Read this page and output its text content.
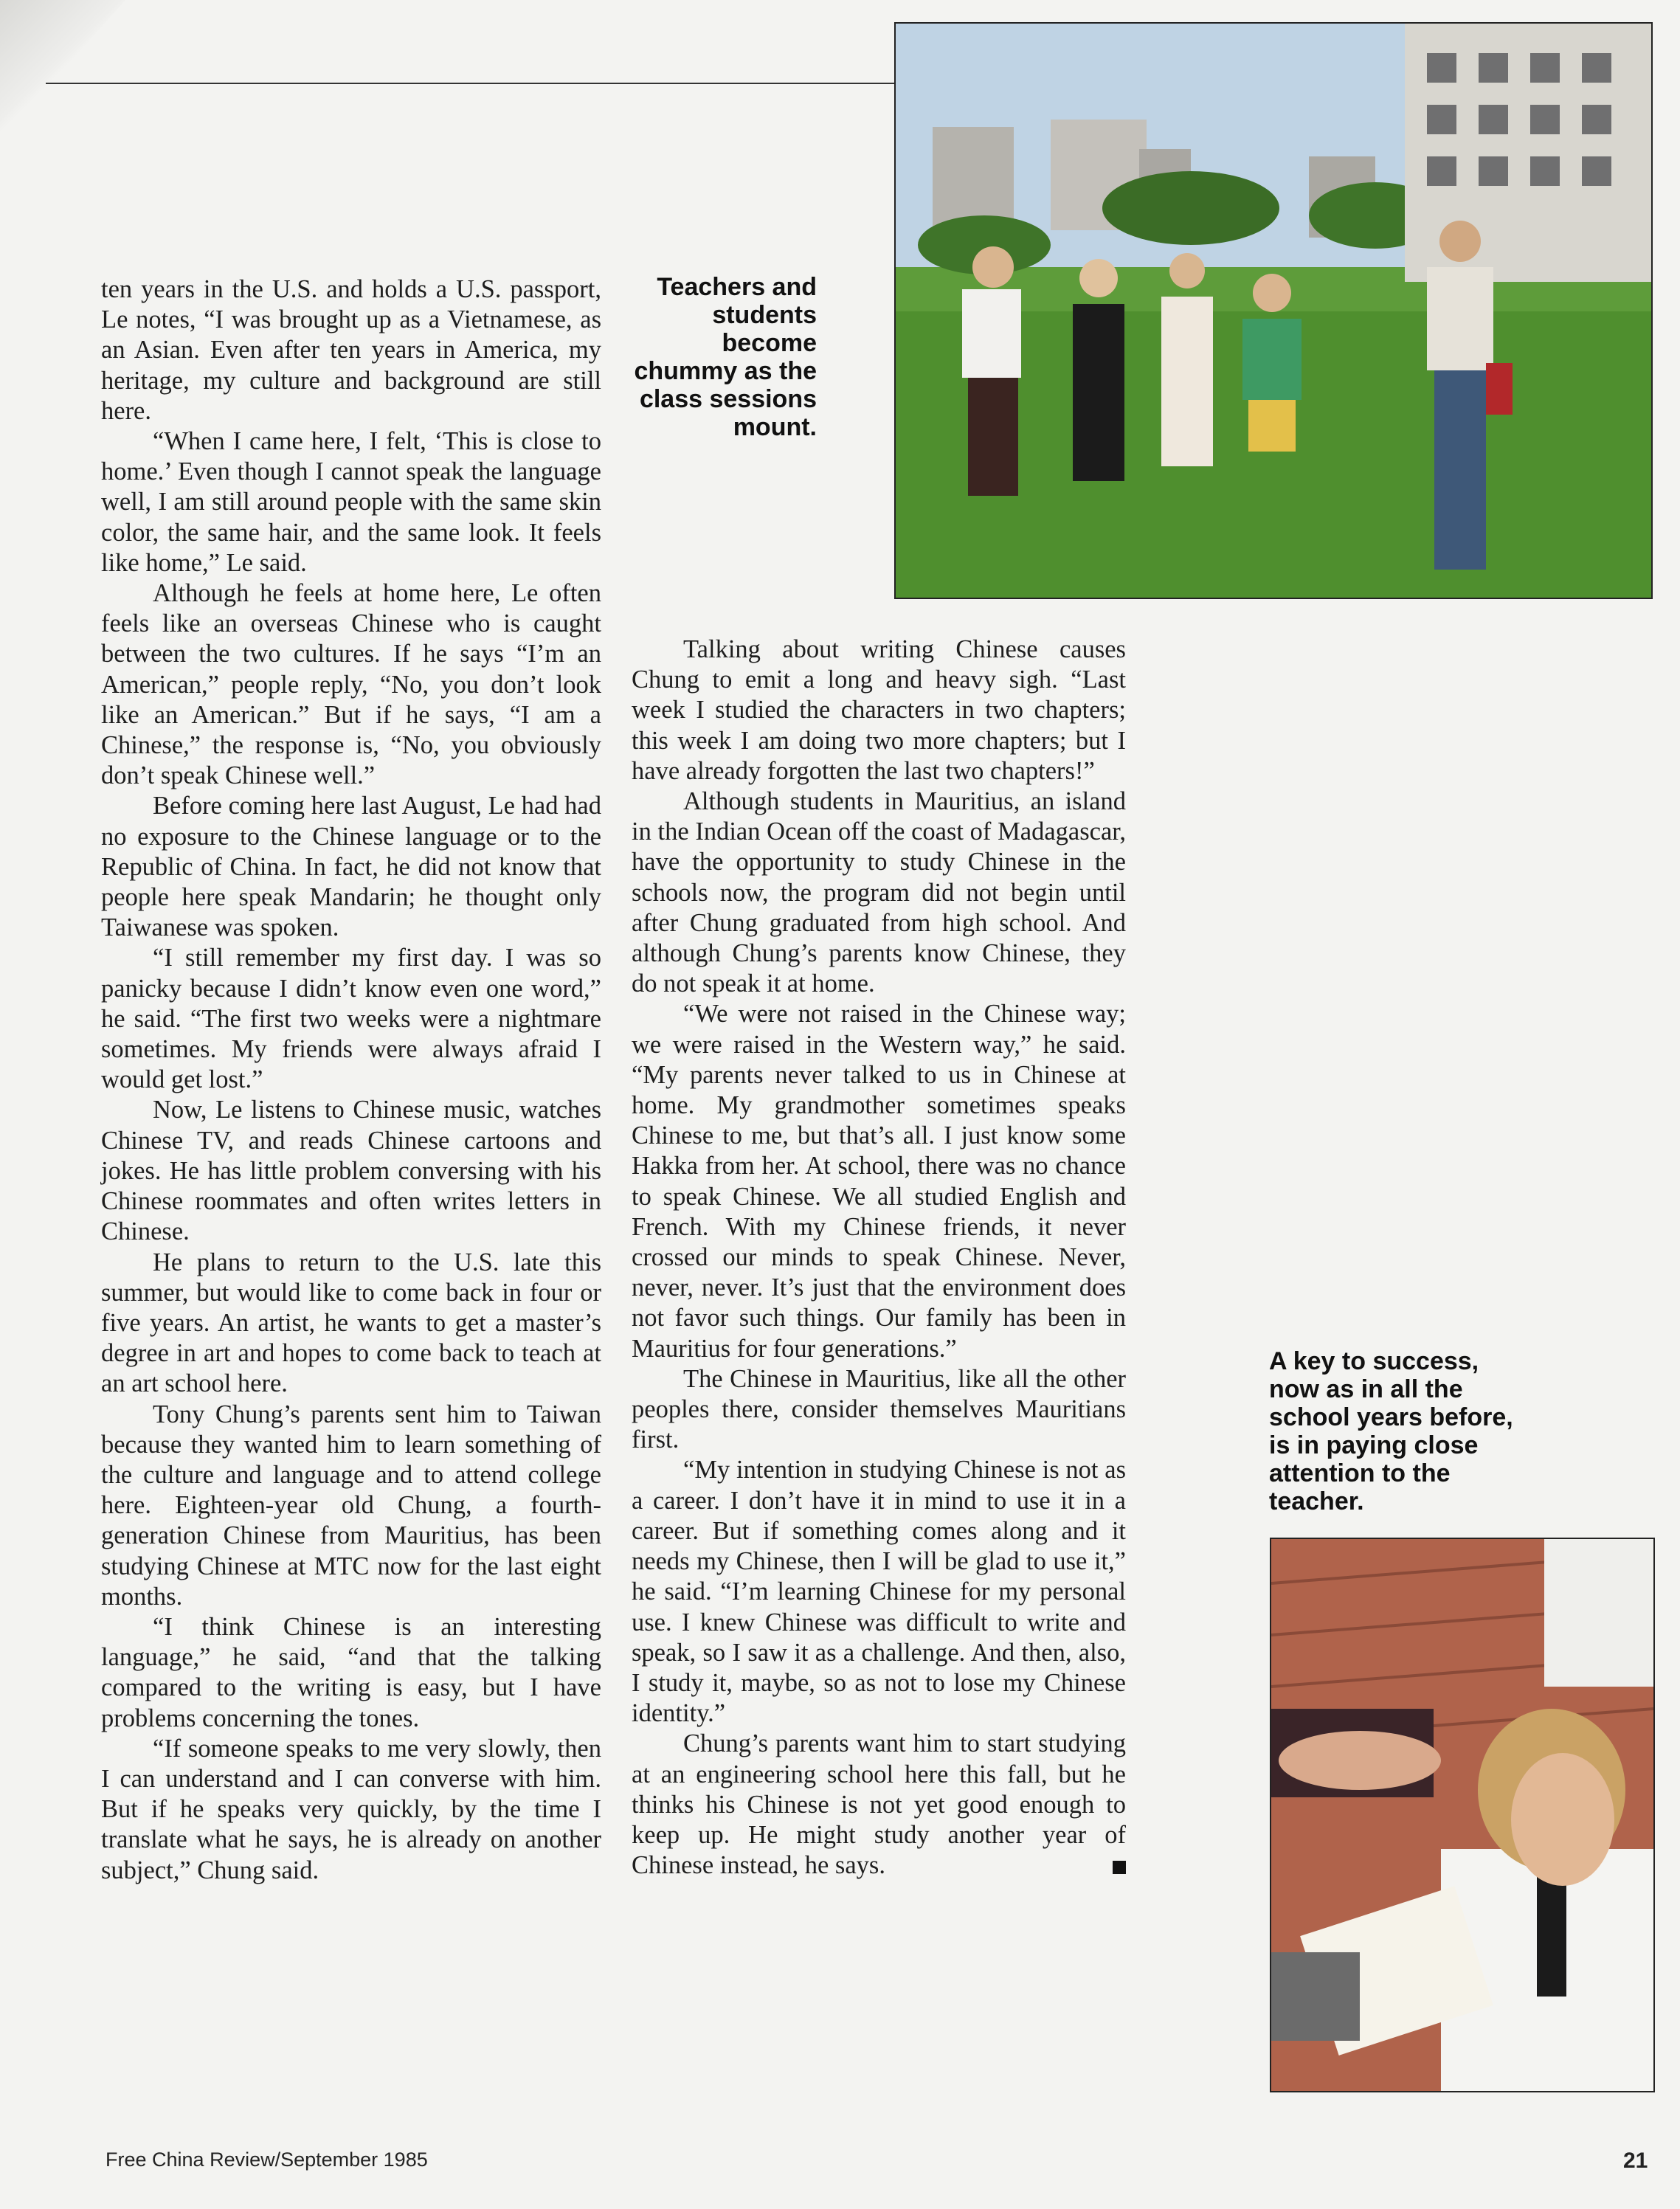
ten years in the U.S. and holds a U.S. passport, Le notes, “I was brought up as a Vietnamese, as an Asian. Even after ten years in America, my heritage, my culture and background are still here.

“When I came here, I felt, ‘This is close to home.’ Even though I cannot speak the language well, I am still around people with the same skin color, the same hair, and the same look. It feels like home,” Le said.

Although he feels at home here, Le often feels like an overseas Chinese who is caught between the two cultures. If he says “I’m an American,” people reply, “No, you don’t look like an American.” But if he says, “I am a Chinese,” the response is, “No, you obviously don’t speak Chinese well.”

Before coming here last August, Le had had no exposure to the Chinese language or to the Republic of China. In fact, he did not know that people here speak Mandarin; he thought only Taiwanese was spoken.

“I still remember my first day. I was so panicky because I didn’t know even one word,” he said. “The first two weeks were a nightmare sometimes. My friends were always afraid I would get lost.”

Now, Le listens to Chinese music, watches Chinese TV, and reads Chinese cartoons and jokes. He has little problem conversing with his Chinese roommates and often writes letters in Chinese.

He plans to return to the U.S. late this summer, but would like to come back in four or five years. An artist, he wants to get a master’s degree in art and hopes to come back to teach at an art school here.

Tony Chung’s parents sent him to Taiwan because they wanted him to learn something of the culture and language and to attend college here. Eighteen-year old Chung, a fourth-generation Chinese from Mauritius, has been studying Chinese at MTC now for the last eight months.

“I think Chinese is an interesting language,” he said, “and that the talking compared to the writing is easy, but I have problems concerning the tones.

“If someone speaks to me very slowly, then I can understand and I can converse with him. But if he speaks very quickly, by the time I translate what he says, he is already on another subject,” Chung said.

Talking about writing Chinese causes Chung to emit a long and heavy sigh. “Last week I studied the characters in two chapters; this week I am doing two more chapters; but I have already forgotten the last two chapters!”

Although students in Mauritius, an island in the Indian Ocean off the coast of Madagascar, have the opportunity to study Chinese in the schools now, the program did not begin until after Chung graduated from high school. And although Chung’s parents know Chinese, they do not speak it at home.

“We were not raised in the Chinese way; we were raised in the Western way,” he said. “My parents never talked to us in Chinese at home. My grandmother sometimes speaks Chinese to me, but that’s all. I just know some Hakka from her. At school, there was no chance to speak Chinese. We all studied English and French. With my Chinese friends, it never crossed our minds to speak Chinese. Never, never, never. It’s just that the environment does not favor such things. Our family has been in Mauritius for four generations.”

The Chinese in Mauritius, like all the other peoples there, consider themselves Mauritians first.

“My intention in studying Chinese is not as a career. I don’t have it in mind to use it in a career. But if something comes along and it needs my Chinese, then I will be glad to use it,” he said. “I’m learning Chinese for my personal use. I knew Chinese was difficult to write and speak, so I saw it as a challenge. And then, also, I study it, maybe, so as not to lose my Chinese identity.”

Chung’s parents want him to start studying at an engineering school here this fall, but he thinks his Chinese is not yet good enough to keep up. He might study another year of Chinese instead, he says.

Teachers and students become chummy as the class sessions mount.
A key to success, now as in all the school years before, is in paying close attention to the teacher.

Free China Review/September 1985	21
